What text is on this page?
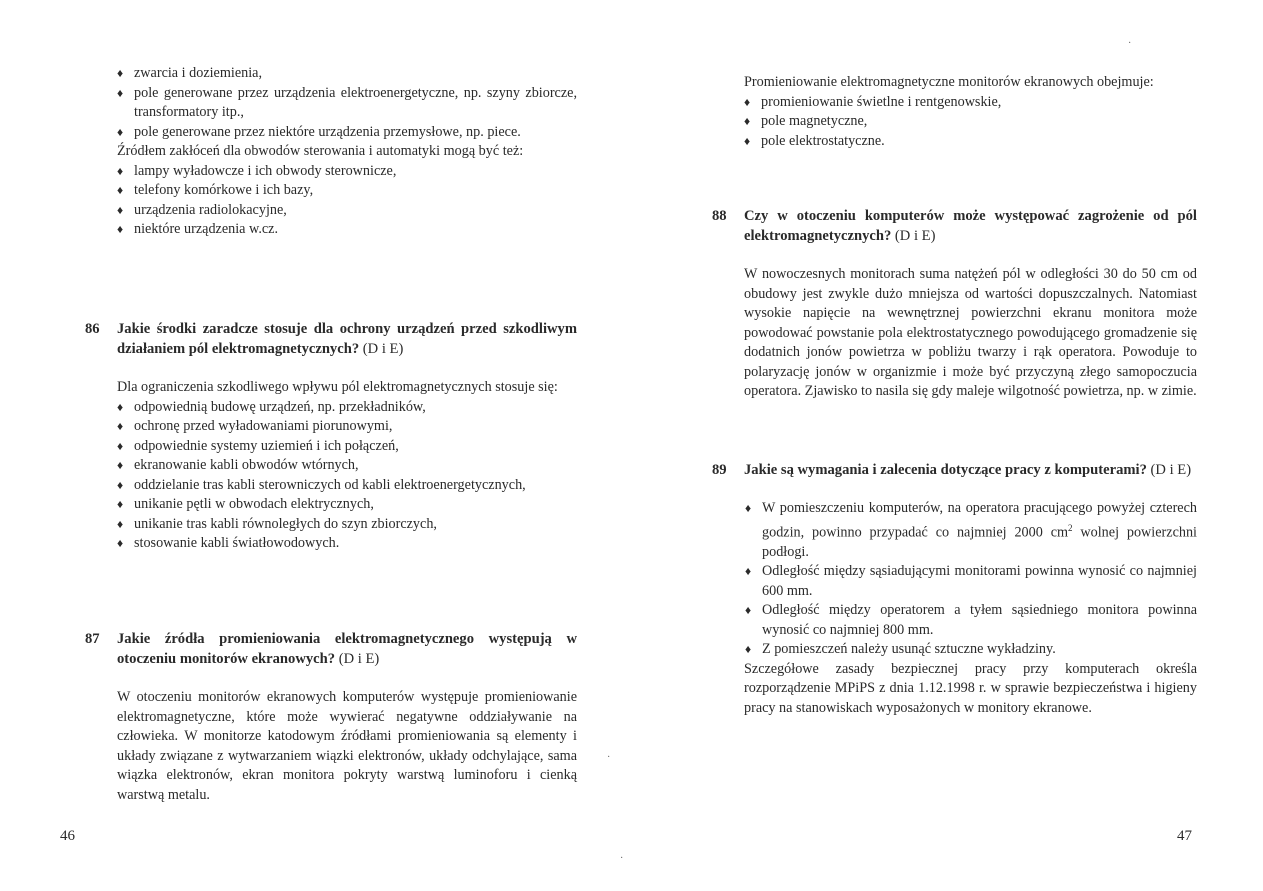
♦ zwarcia i doziemienia,
♦ pole generowane przez urządzenia elektroenergetyczne, np. szyny zbiorcze, transformatory itp.,
♦ pole generowane przez niektóre urządzenia przemysłowe, np. piece.

Źródłem zakłóceń dla obwodów sterowania i automatyki mogą być też:

♦ lampy wyładowcze i ich obwody sterownicze,
♦ telefony komórkowe i ich bazy,
♦ urządzenia radiolokacyjne,
♦ niektóre urządzenia w.cz.
86 Jakie środki zaradcze stosuje dla ochrony urządzeń przed szkodliwym działaniem pól elektromagnetycznych? (D i E)

Dla ograniczenia szkodliwego wpływu pól elektromagnetycznych stosuje się:

♦ odpowiednią budowę urządzeń, np. przekładników,
♦ ochronę przed wyładowaniami piorunowymi,
♦ odpowiednie systemy uziemień i ich połączeń,
♦ ekranowanie kabli obwodów wtórnych,
♦ oddzielanie tras kabli sterowniczych od kabli elektroenergetycznych,
♦ unikanie pętli w obwodach elektrycznych,
♦ unikanie tras kabli równoległych do szyn zbiorczych,
♦ stosowanie kabli światłowodowych.
87 Jakie źródła promieniowania elektromagnetycznego występują w otoczeniu monitorów ekranowych? (D i E)

W otoczeniu monitorów ekranowych komputerów występuje promieniowanie elektromagnetyczne, które może wywierać negatywne oddziaływanie na człowieka. W monitorze katodowym źródłami promieniowania są elementy i układy związane z wytwarzaniem wiązki elektronów, układy odchylające, sama wiązka elektronów, ekran monitora pokryty warstwą luminoforu i cienką warstwą metalu.

46

Promieniowanie elektromagnetyczne monitorów ekranowych obejmuje:

♦ promieniowanie świetlne i rentgenowskie,
♦ pole magnetyczne,
♦ pole elektrostatyczne.
88 Czy w otoczeniu komputerów może występować zagrożenie od pól elektromagnetycznych? (D i E)

W nowoczesnych monitorach suma natężeń pól w odległości 30 do 50 cm od obudowy jest zwykle dużo mniejsza od wartości dopuszczalnych. Natomiast wysokie napięcie na wewnętrznej powierzchni ekranu monitora może powodować powstanie pola elektrostatycznego powodującego gromadzenie się dodatnich jonów powietrza w pobliżu twarzy i rąk operatora. Powoduje to polaryzację jonów w organizmie i może być przyczyną złego samopoczucia operatora. Zjawisko to nasila się gdy maleje wilgotność powietrza, np. w zimie.

89 Jakie są wymagania i zalecenia dotyczące pracy z komputerami? (D i E)
♦ W pomieszczeniu komputerów, na operatora pracującego powyżej czterech godzin, powinno przypadać co najmniej 2000 $cm^2$ wolnej powierzchni podłogi.
♦ Odległość między sąsiadującymi monitorami powinna wynosić co najmniej 600 mm.
♦ Odległość między operatorem a tyłem sąsiedniego monitora powinna wynosić co najmniej 800 mm.
♦ Z pomieszczeń należy usunąć sztuczne wykładziny.

Szczegółowe zasady bezpiecznej pracy przy komputerach określa rozporządzenie MPiPS z dnia 1.12.1998 r. w sprawie bezpieczeństwa i higieny pracy na stanowiskach wyposażonych w monitory ekranowe.

47
·
·
·
